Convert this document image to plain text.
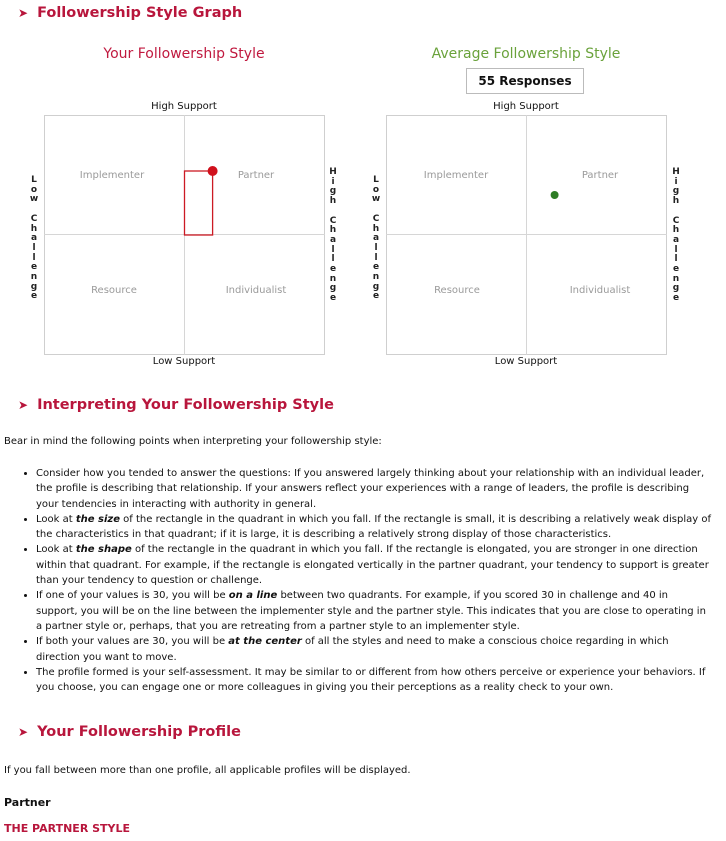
➤ Followership Style Graph
Your Followership Style
High Support
Low Support
L
o
w

C
h
a
l
l
e
n
g
e
H
i
g
h

C
h
a
l
l
e
n
g
e
Implementer	Partner
Resource	Individualist
Average Followership Style
55 Responses
High Support
Low Support
L
o
w

C
h
a
l
l
e
n
g
e
H
i
g
h

C
h
a
l
l
e
n
g
e
Implementer	Partner
Resource	Individualist
➤ Interpreting Your Followership Style
Bear in mind the following points when interpreting your followership style:
• Consider how you tended to answer the questions: If you answered largely thinking about your relationship with an individual leader, the profile is describing that relationship. If your answers reflect your experiences with a range of leaders, the profile is describing your tendencies in interacting with authority in general.
• Look at the size of the rectangle in the quadrant in which you fall. If the rectangle is small, it is describing a relatively weak display of the characteristics in that quadrant; if it is large, it is describing a relatively strong display of those characteristics.
• Look at the shape of the rectangle in the quadrant in which you fall. If the rectangle is elongated, you are stronger in one direction within that quadrant. For example, if the rectangle is elongated vertically in the partner quadrant, your tendency to support is greater than your tendency to question or challenge.
• If one of your values is 30, you will be on a line between two quadrants. For example, if you scored 30 in challenge and 40 in support, you will be on the line between the implementer style and the partner style. This indicates that you are close to operating in a partner style or, perhaps, that you are retreating from a partner style to an implementer style.
• If both your values are 30, you will be at the center of all the styles and need to make a conscious choice regarding in which direction you want to move.
• The profile formed is your self-assessment. It may be similar to or different from how others perceive or experience your behaviors. If you choose, you can engage one or more colleagues in giving you their perceptions as a reality check to your own.
➤ Your Followership Profile
If you fall between more than one profile, all applicable profiles will be displayed.
Partner
THE PARTNER STYLE
